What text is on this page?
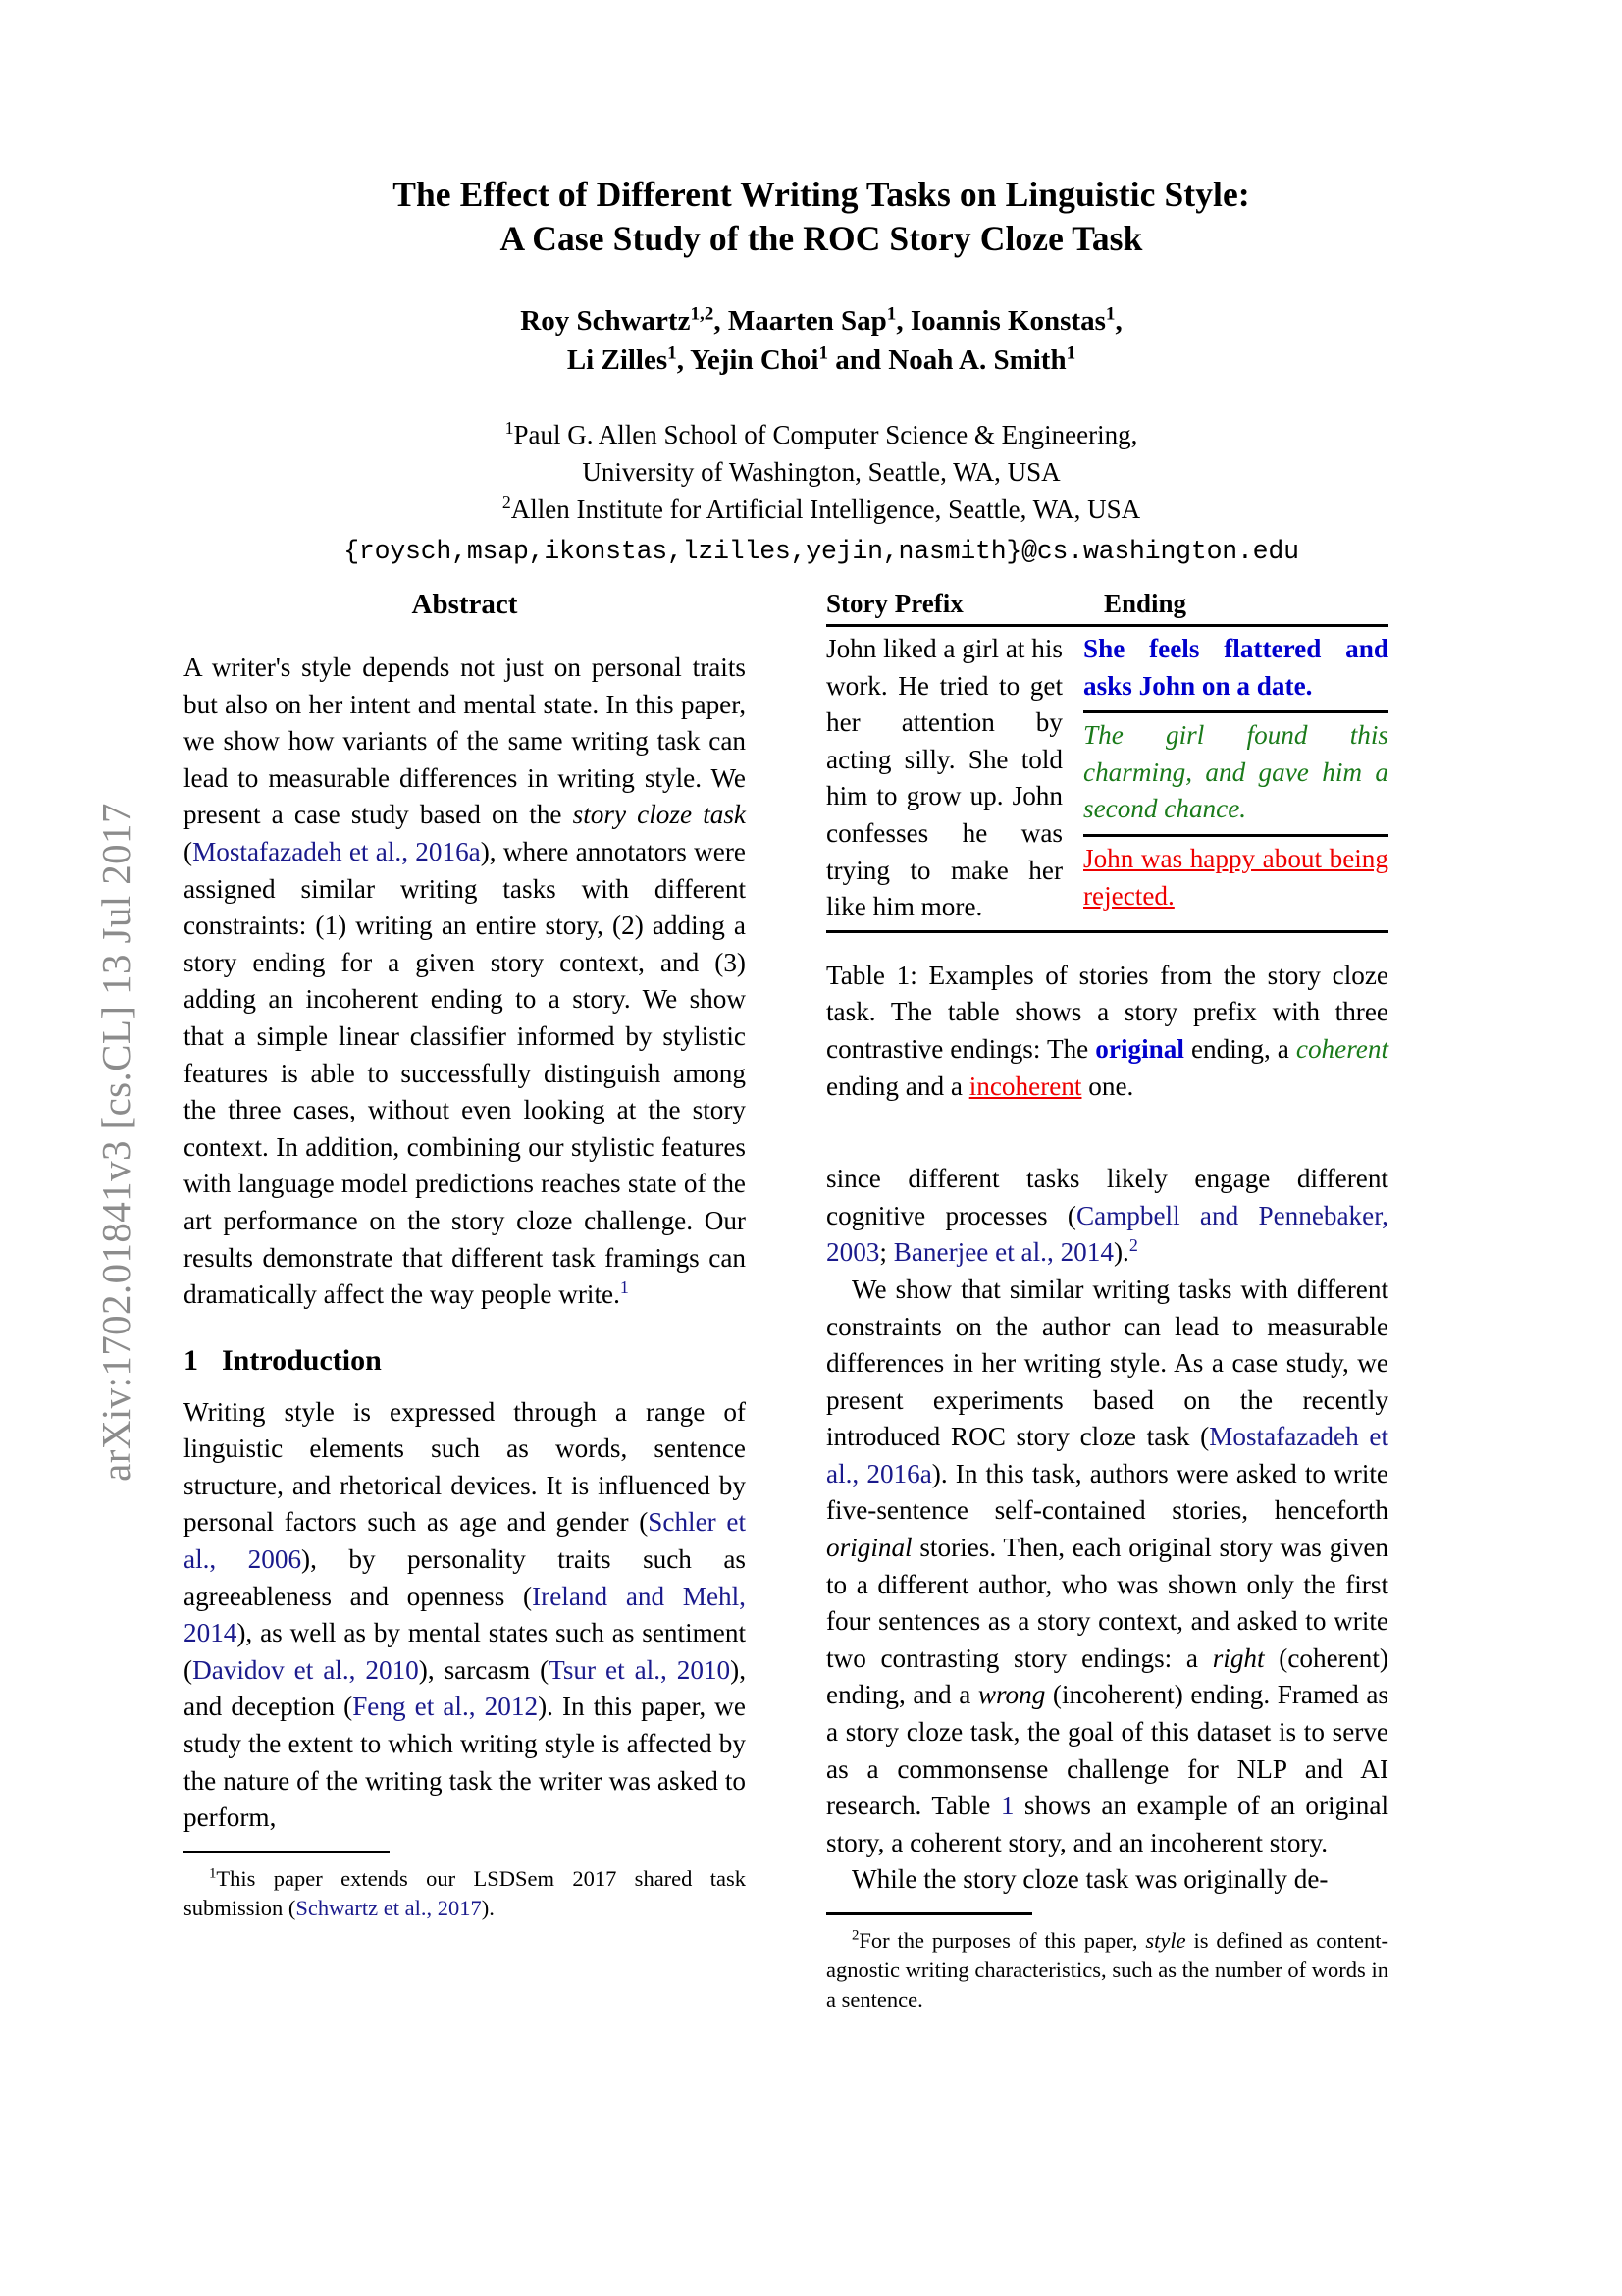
arXiv:1702.01841v3 [cs.CL] 13 Jul 2017
The Effect of Different Writing Tasks on Linguistic Style:
A Case Study of the ROC Story Cloze Task
Roy Schwartz$^{1,2}$, Maarten Sap$^1$, Ioannis Konstas$^1$,
Li Zilles$^1$, Yejin Choi$^1$ and Noah A. Smith$^1$
$^1$Paul G. Allen School of Computer Science & Engineering,
University of Washington, Seattle, WA, USA
$^2$Allen Institute for Artificial Intelligence, Seattle, WA, USA
{roysch,msap,ikonstas,lzilles,yejin,nasmith}@cs.washington.edu
Abstract

A writer's style depends not just on personal traits but also on her intent and mental state. In this paper, we show how variants of the same writing task can lead to measurable differences in writing style. We present a case study based on the story cloze task (Mostafazadeh et al., 2016a), where annotators were assigned similar writing tasks with different constraints: (1) writing an entire story, (2) adding a story ending for a given story context, and (3) adding an incoherent ending to a story. We show that a simple linear classifier informed by stylistic features is able to successfully distinguish among the three cases, without even looking at the story context. In addition, combining our stylistic features with language model predictions reaches state of the art performance on the story cloze challenge. Our results demonstrate that different task framings can dramatically affect the way people write.$^1$

1 Introduction

Writing style is expressed through a range of linguistic elements such as words, sentence structure, and rhetorical devices. It is influenced by personal factors such as age and gender (Schler et al., 2006), by personality traits such as agreeableness and openness (Ireland and Mehl, 2014), as well as by mental states such as sentiment (Davidov et al., 2010), sarcasm (Tsur et al., 2010), and deception (Feng et al., 2012). In this paper, we study the extent to which writing style is affected by the nature of the writing task the writer was asked to perform,

$^1$This paper extends our LSDSem 2017 shared task submission (Schwartz et al., 2017).

Story Prefix	Ending
John liked a girl at his work. He tried to get her attention by acting silly. She told him to grow up. John confesses he was trying to make her like him more.
She feels flattered and asks John on a date.
The girl found this charming, and gave him a second chance.
John was happy about being rejected.

Table 1: Examples of stories from the story cloze task. The table shows a story prefix with three contrastive endings: The original ending, a coherent ending and a incoherent one.

since different tasks likely engage different cognitive processes (Campbell and Pennebaker, 2003; Banerjee et al., 2014).$^2$

We show that similar writing tasks with different constraints on the author can lead to measurable differences in her writing style. As a case study, we present experiments based on the recently introduced ROC story cloze task (Mostafazadeh et al., 2016a). In this task, authors were asked to write five-sentence self-contained stories, henceforth original stories. Then, each original story was given to a different author, who was shown only the first four sentences as a story context, and asked to write two contrasting story endings: a right (coherent) ending, and a wrong (incoherent) ending. Framed as a story cloze task, the goal of this dataset is to serve as a commonsense challenge for NLP and AI research. Table 1 shows an example of an original story, a coherent story, and an incoherent story.

While the story cloze task was originally de-

$^2$For the purposes of this paper, style is defined as content-agnostic writing characteristics, such as the number of words in a sentence.
